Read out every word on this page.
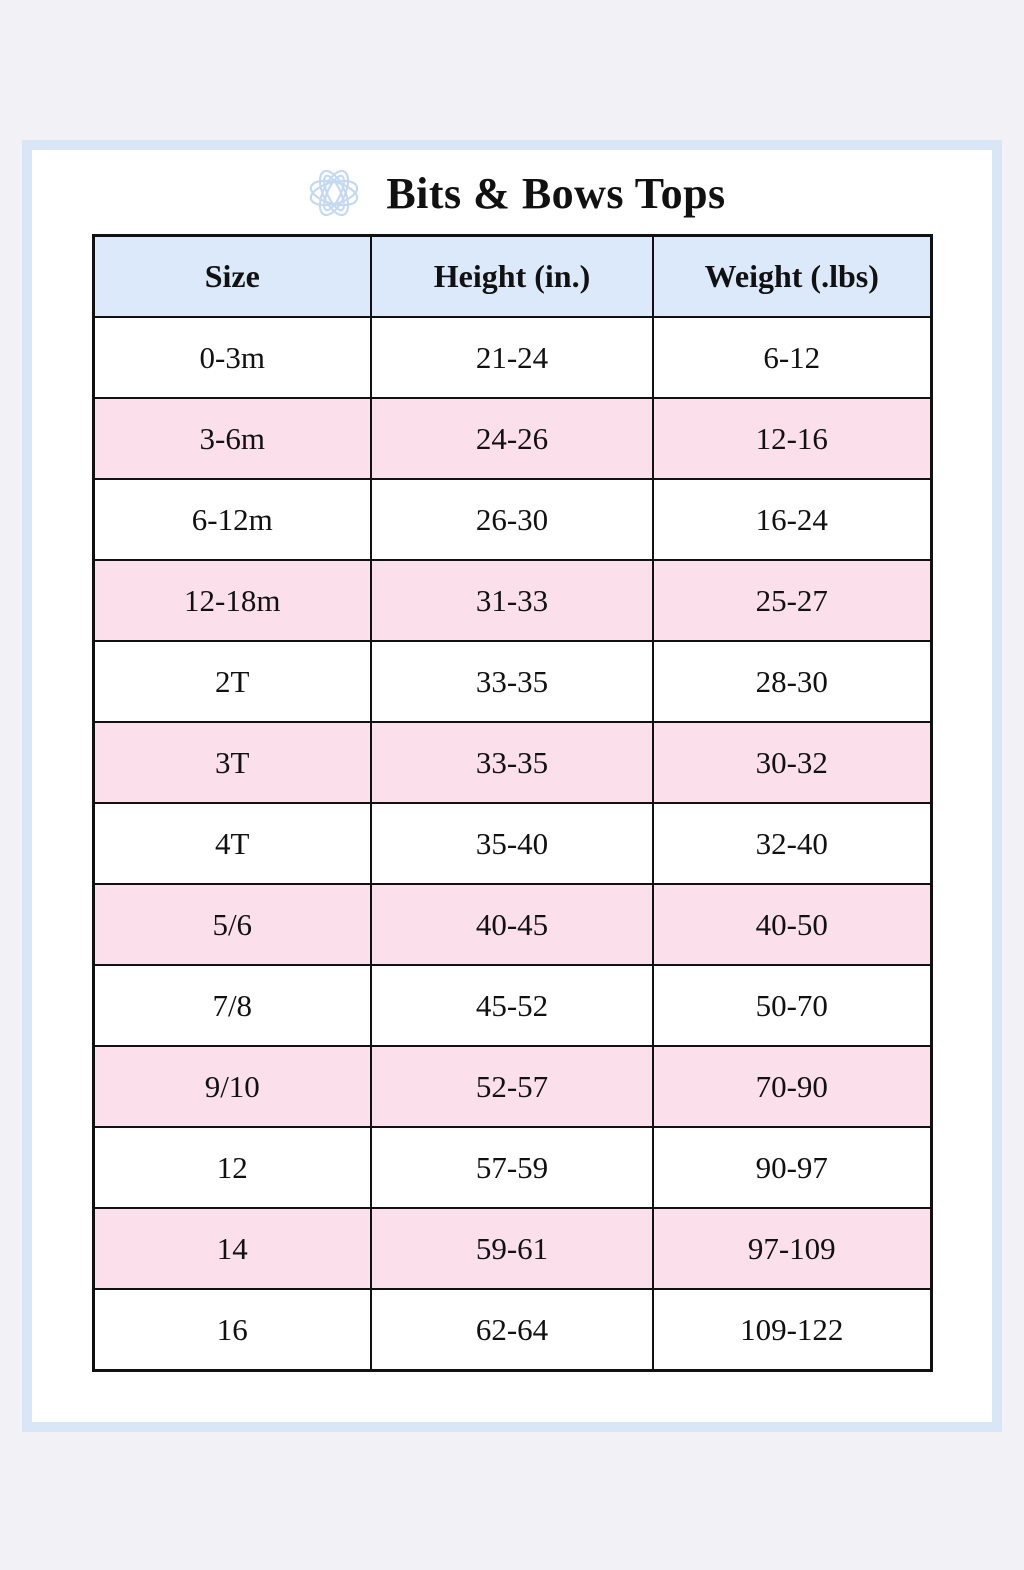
Bits & Bows Tops
Size	Height (in.)	Weight (.lbs)
0-3m	21-24	6-12
3-6m	24-26	12-16
6-12m	26-30	16-24
12-18m	31-33	25-27
2T	33-35	28-30
3T	33-35	30-32
4T	35-40	32-40
5/6	40-45	40-50
7/8	45-52	50-70
9/10	52-57	70-90
12	57-59	90-97
14	59-61	97-109
16	62-64	109-122
